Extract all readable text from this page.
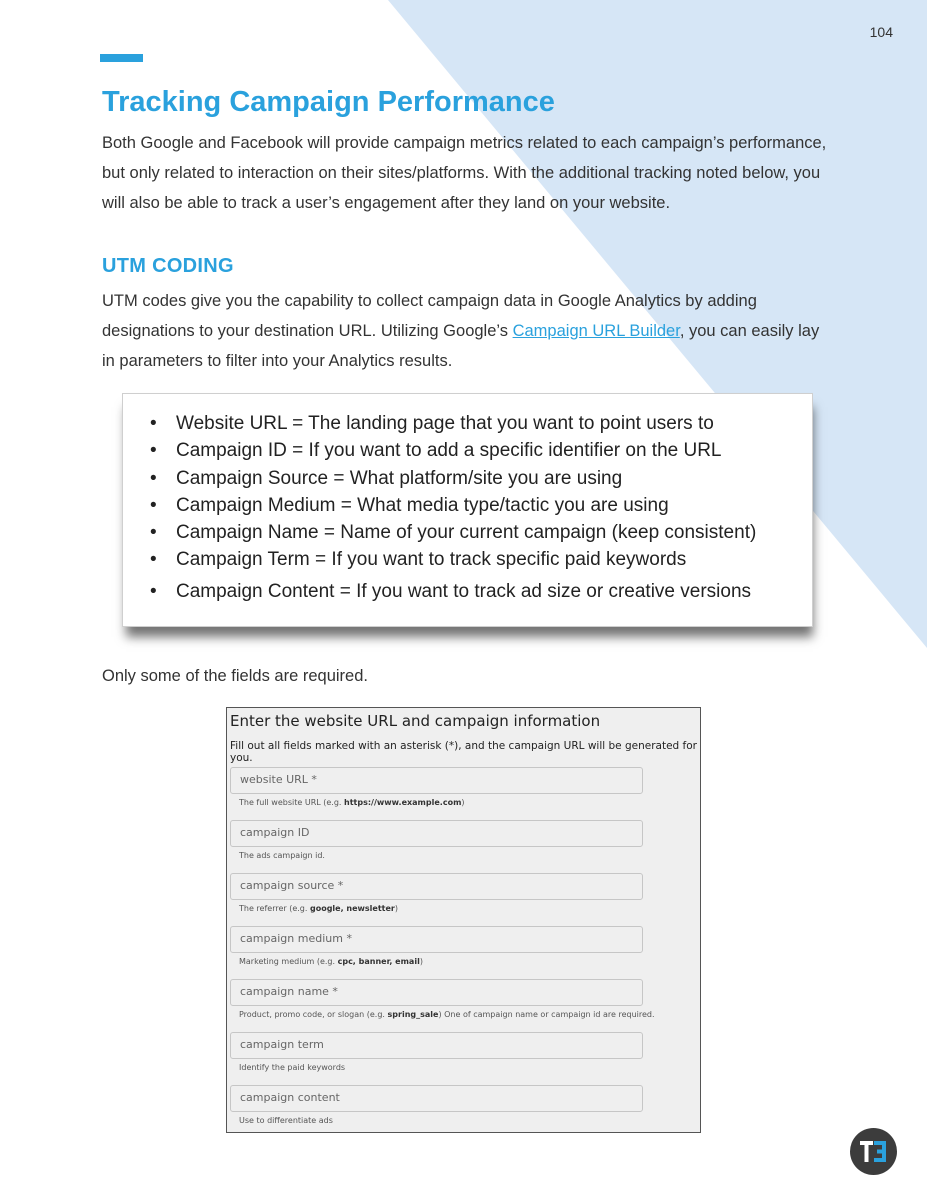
104
Tracking Campaign Performance

Both Google and Facebook will provide campaign metrics related to each campaign’s performance, but only related to interaction on their sites/platforms. With the additional tracking noted below, you will also be able to track a user’s engagement after they land on your website.

UTM CODING

UTM codes give you the capability to collect campaign data in Google Analytics by adding designations to your destination URL. Utilizing Google’s Campaign URL Builder, you can easily lay in parameters to filter into your Analytics results.

• Website URL = The landing page that you want to point users to
• Campaign ID = If you want to add a specific identifier on the URL
• Campaign Source = What platform/site you are using
• Campaign Medium = What media type/tactic you are using
• Campaign Name = Name of your current campaign (keep consistent)
• Campaign Term = If you want to track specific paid keywords
• Campaign Content = If you want to track ad size or creative versions
Only some of the fields are required.
Enter the website URL and campaign information
Fill out all fields marked with an asterisk (*), and the campaign URL will be generated for you.
website URL *
The full website URL (e.g. https://www.example.com)
campaign ID
The ads campaign id.
campaign source *
The referrer (e.g. google, newsletter)
campaign medium *
Marketing medium (e.g. cpc, banner, email)
campaign name *
Product, promo code, or slogan (e.g. spring_sale) One of campaign name or campaign id are required.
campaign term
Identify the paid keywords
campaign content
Use to differentiate ads
